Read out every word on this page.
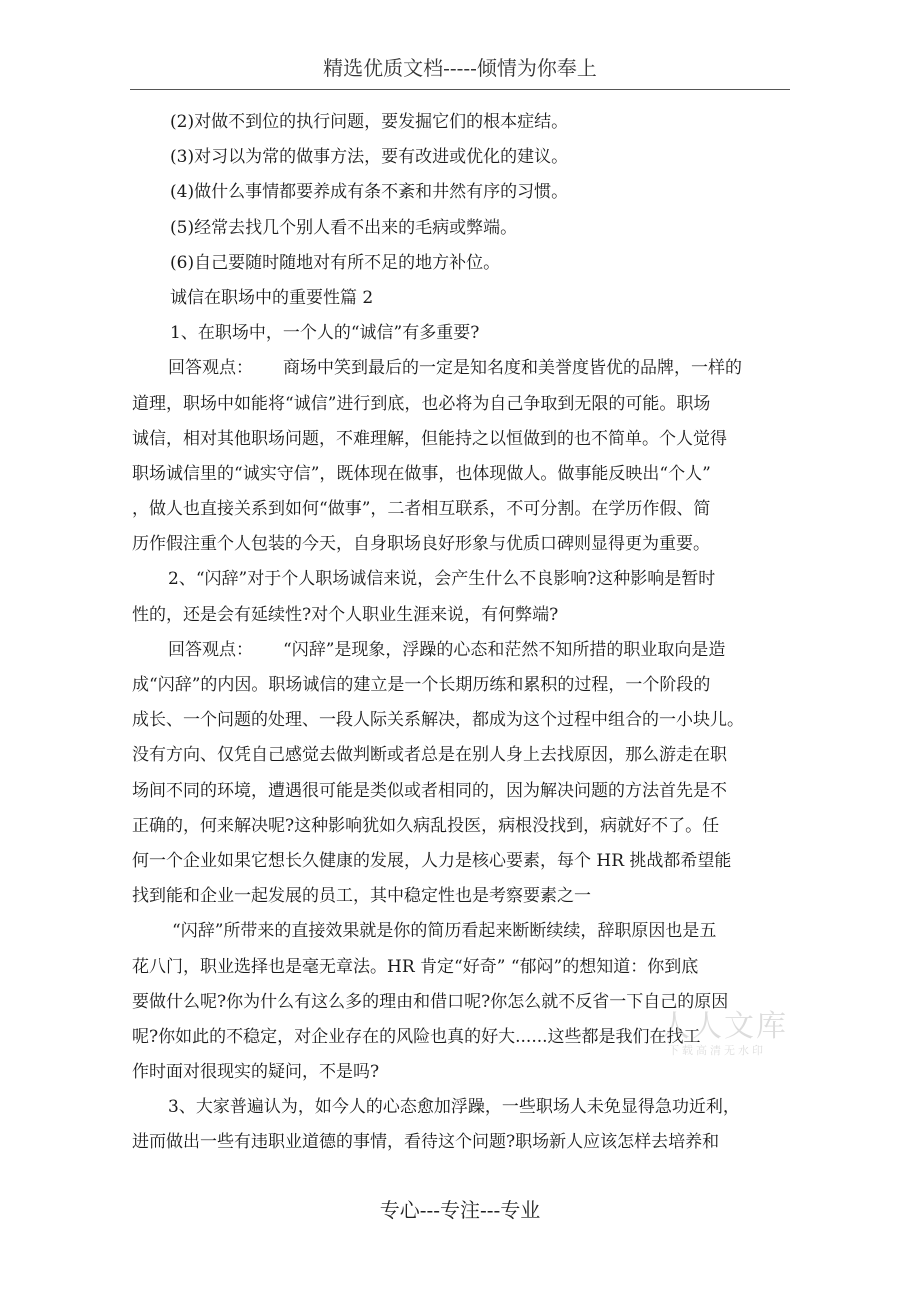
精选优质文档-----倾情为你奉上
(2)对做不到位的执行问题，要发掘它们的根本症结。
(3)对习以为常的做事方法，要有改进或优化的建议。
(4)做什么事情都要养成有条不紊和井然有序的习惯。
(5)经常去找几个别人看不出来的毛病或弊端。
(6)自己要随时随地对有所不足的地方补位。
诚信在职场中的重要性篇 2
1、在职场中，一个人的“诚信”有多重要?
回答观点： 商场中笑到最后的一定是知名度和美誉度皆优的品牌，一样的
道理，职场中如能将“诚信”进行到底，也必将为自己争取到无限的可能。职场
诚信，相对其他职场问题，不难理解，但能持之以恒做到的也不简单。个人觉得
职场诚信里的“诚实守信”，既体现在做事，也体现做人。做事能反映出“个人”
，做人也直接关系到如何“做事”，二者相互联系，不可分割。在学历作假、简
历作假注重个人包装的今天，自身职场良好形象与优质口碑则显得更为重要。
2、“闪辞”对于个人职场诚信来说，会产生什么不良影响?这种影响是暂时
性的，还是会有延续性?对个人职业生涯来说，有何弊端?
回答观点： “闪辞”是现象，浮躁的心态和茫然不知所措的职业取向是造
成“闪辞”的内因。职场诚信的建立是一个长期历练和累积的过程，一个阶段的
成长、一个问题的处理、一段人际关系解决，都成为这个过程中组合的一小块儿。
没有方向、仅凭自己感觉去做判断或者总是在别人身上去找原因，那么游走在职
场间不同的环境，遭遇很可能是类似或者相同的，因为解决问题的方法首先是不
正确的，何来解决呢?这种影响犹如久病乱投医，病根没找到，病就好不了。任
何一个企业如果它想长久健康的发展，人力是核心要素，每个 HR 挑战都希望能
找到能和企业一起发展的员工，其中稳定性也是考察要素之一
“闪辞”所带来的直接效果就是你的简历看起来断断续续，辞职原因也是五
花八门，职业选择也是毫无章法。HR 肯定“好奇” “郁闷”的想知道：你到底
要做什么呢?你为什么有这么多的理由和借口呢?你怎么就不反省一下自己的原因
呢?你如此的不稳定，对企业存在的风险也真的好大......这些都是我们在找工
作时面对很现实的疑问，不是吗?
3、大家普遍认为，如今人的心态愈加浮躁，一些职场人未免显得急功近利，
进而做出一些有违职业道德的事情，看待这个问题?职场新人应该怎样去培养和
人人文库
下载高清无水印
专心---专注---专业
